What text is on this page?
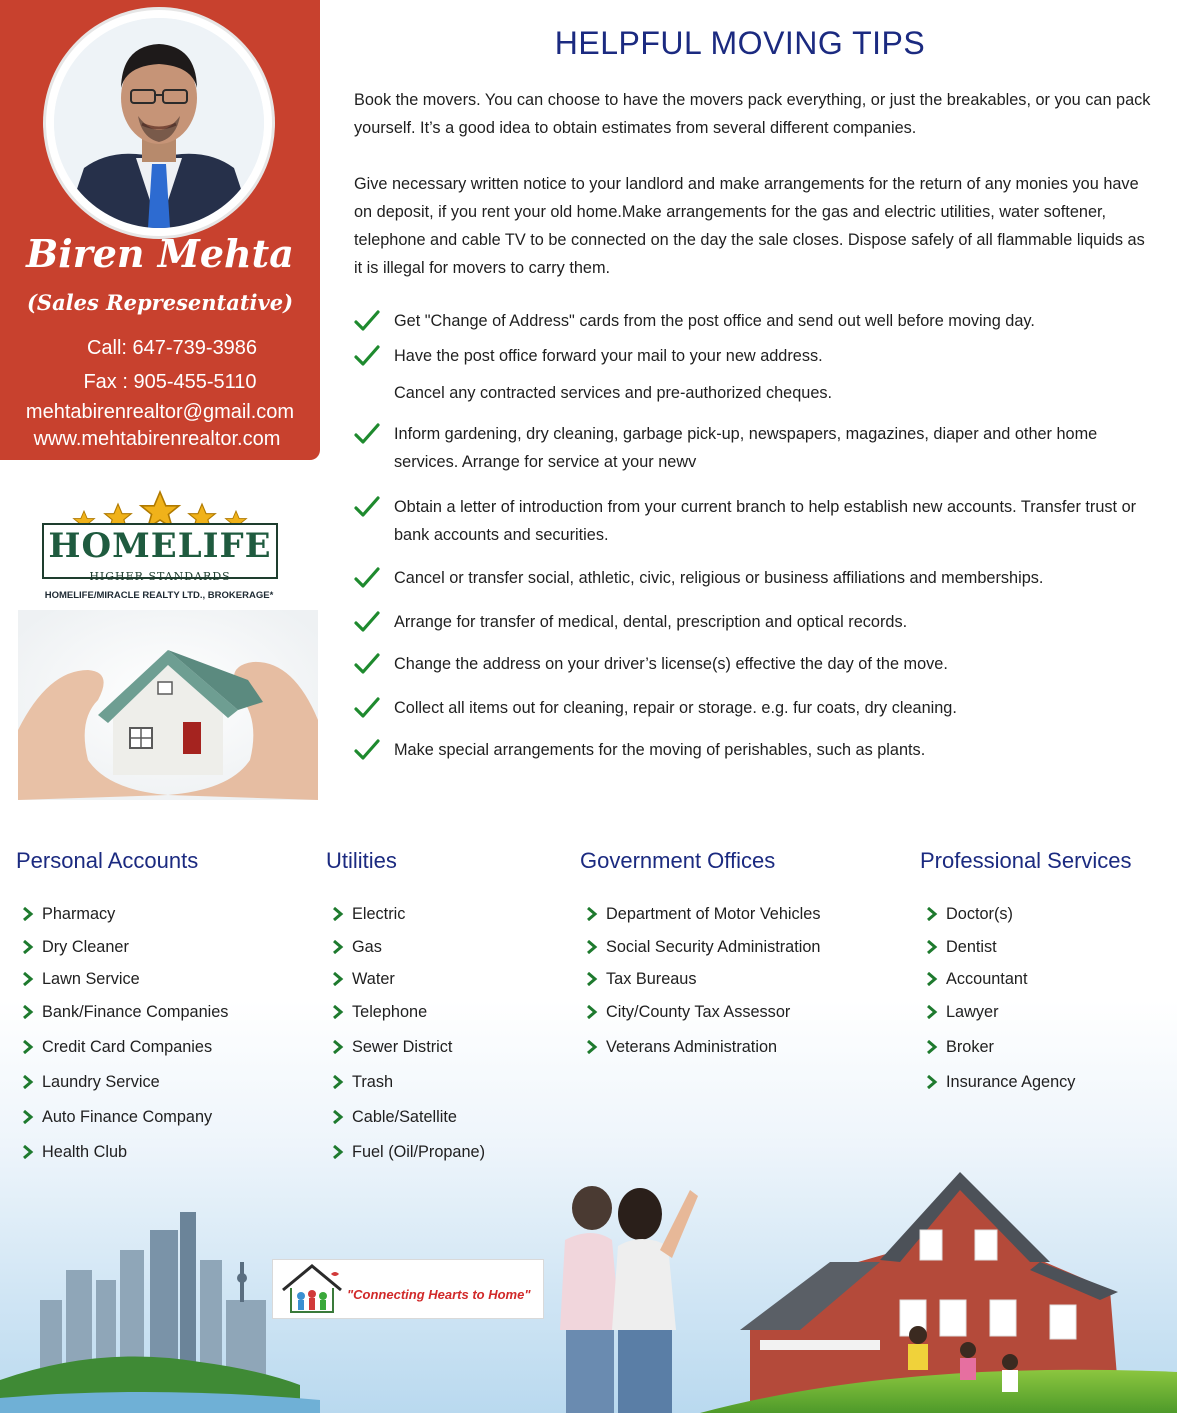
Biren Mehta
(Sales Representative)
Call: 647-739-3986
Fax : 905-455-5110
mehtabirenrealtor@gmail.com
www.mehtabirenrealtor.com
HOMELIFE
HIGHER STANDARDS
HOMELIFE/MIRACLE REALTY LTD., BROKERAGE*
HELPFUL MOVING TIPS

Book the movers. You can choose to have the movers pack everything, or just the breakables, or you can pack yourself. It’s a good idea to obtain estimates from several different companies.

Give necessary written notice to your landlord and make arrangements for the return of any monies you have on deposit, if you rent your old home.Make arrangements for the gas and electric utilities, water softener, telephone and cable TV to be connected on the day the sale closes. Dispose safely of all flammable liquids as it is illegal for movers to carry them.

Get "Change of Address" cards from the post office and send out well before moving day.

Have the post office forward your mail to your new address.

Cancel any contracted services and pre-authorized cheques.

Inform gardening, dry cleaning, garbage pick-up, newspapers, magazines, diaper and other home services. Arrange for service at your newv

Obtain a letter of introduction from your current branch to help establish new accounts. Transfer trust or bank accounts and securities.

Cancel or transfer social, athletic, civic, religious or business affiliations and memberships.

Arrange for transfer of medical, dental, prescription and optical records.

Change the address on your driver’s license(s) effective the day of the move.

Collect all items out for cleaning, repair or storage. e.g. fur coats, dry cleaning.

Make special arrangements for the moving of perishables, such as plants.

"Connecting Hearts to Home"
Personal Accounts
Pharmacy
Dry Cleaner
Lawn Service
Bank/Finance Companies
Credit Card Companies
Laundry Service
Auto Finance Company
Health Club
Utilities
Electric
Gas
Water
Telephone
Sewer District
Trash
Cable/Satellite
Fuel (Oil/Propane)
Government Offices
Department of Motor Vehicles
Social Security Administration
Tax Bureaus
City/County Tax Assessor
Veterans Administration
Professional Services
Doctor(s)
Dentist
Accountant
Lawyer
Broker
Insurance Agency
